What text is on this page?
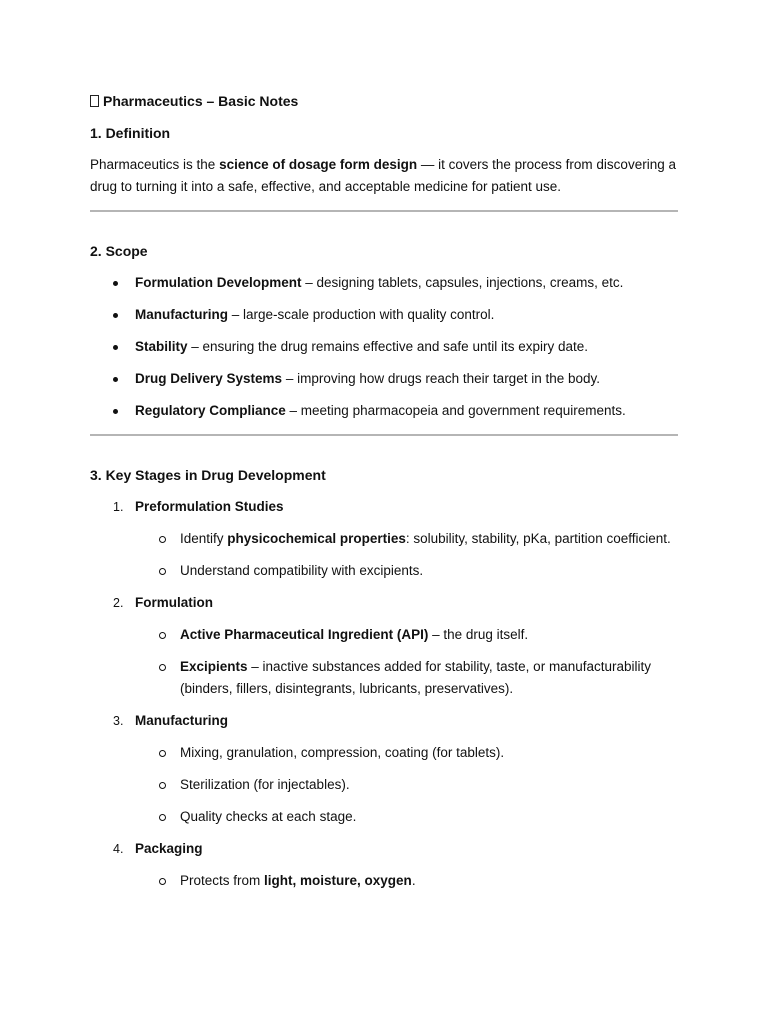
Pharmaceutics – Basic Notes
1. Definition

Pharmaceutics is the science of dosage form design — it covers the process from discovering a drug to turning it into a safe, effective, and acceptable medicine for patient use.

2. Scope
Formulation Development – designing tablets, capsules, injections, creams, etc.
Manufacturing – large-scale production with quality control.
Stability – ensuring the drug remains effective and safe until its expiry date.
Drug Delivery Systems – improving how drugs reach their target in the body.
Regulatory Compliance – meeting pharmacopeia and government requirements.
3. Key Stages in Drug Development
1. Preformulation Studies
Identify physicochemical properties: solubility, stability, pKa, partition coefficient.
Understand compatibility with excipients.
2. Formulation
Active Pharmaceutical Ingredient (API) – the drug itself.
Excipients – inactive substances added for stability, taste, or manufacturability (binders, fillers, disintegrants, lubricants, preservatives).
3. Manufacturing
Mixing, granulation, compression, coating (for tablets).
Sterilization (for injectables).
Quality checks at each stage.
4. Packaging
Protects from light, moisture, oxygen.
